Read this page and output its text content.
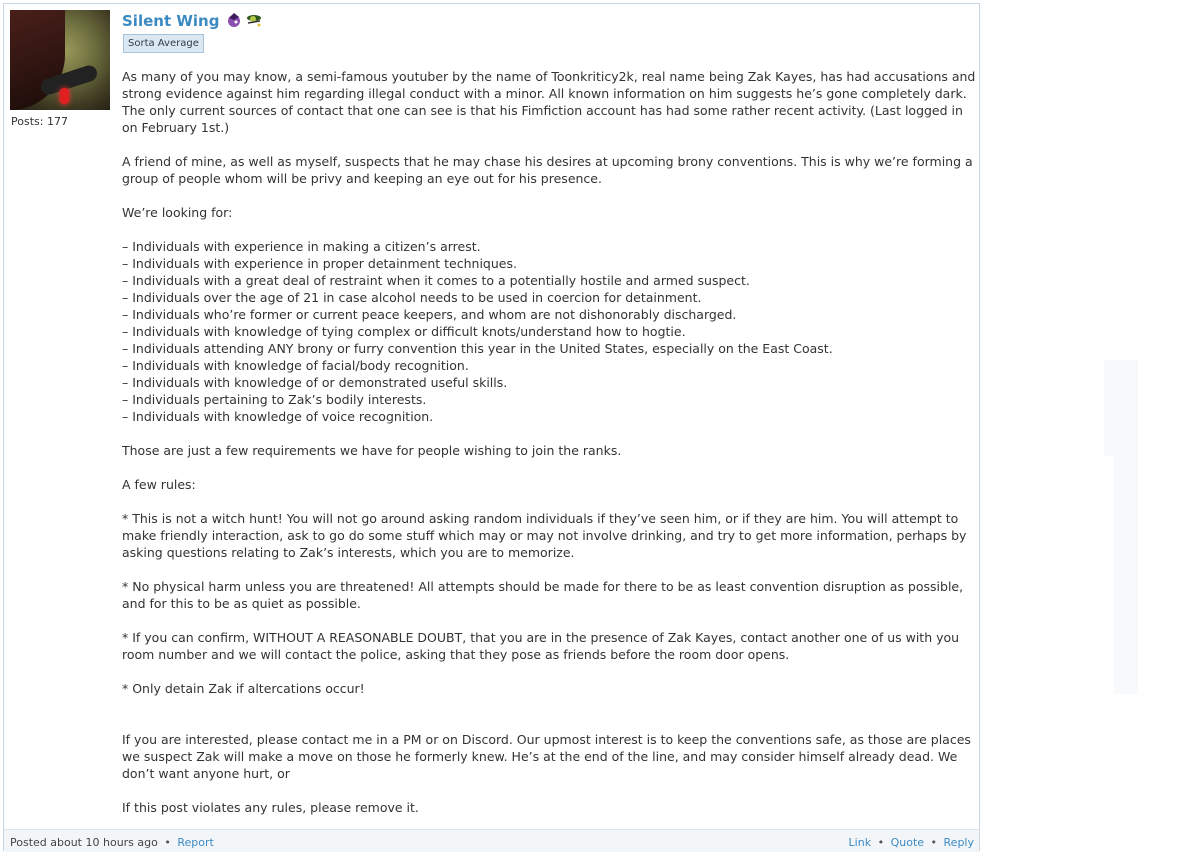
Posts: 177
Silent Wing
Sorta Average

As many of you may know, a semi-famous youtuber by the name of Toonkriticy2k, real name being Zak Kayes, has had accusations and strong evidence against him regarding illegal conduct with a minor. All known information on him suggests he’s gone completely dark. The only current sources of contact that one can see is that his Fimfiction account has had some rather recent activity. (Last logged in on February 1st.)

A friend of mine, as well as myself, suspects that he may chase his desires at upcoming brony conventions. This is why we’re forming a group of people whom will be privy and keeping an eye out for his presence.

We’re looking for:

– Individuals with experience in making a citizen’s arrest.
– Individuals with experience in proper detainment techniques.
– Individuals with a great deal of restraint when it comes to a potentially hostile and armed suspect.
– Individuals over the age of 21 in case alcohol needs to be used in coercion for detainment.
– Individuals who’re former or current peace keepers, and whom are not dishonorably discharged.
– Individuals with knowledge of tying complex or difficult knots/understand how to hogtie.
– Individuals attending ANY brony or furry convention this year in the United States, especially on the East Coast.
– Individuals with knowledge of facial/body recognition.
– Individuals with knowledge of or demonstrated useful skills.
– Individuals pertaining to Zak’s bodily interests.
– Individuals with knowledge of voice recognition.

Those are just a few requirements we have for people wishing to join the ranks.

A few rules:

* This is not a witch hunt! You will not go around asking random individuals if they’ve seen him, or if they are him. You will attempt to make friendly interaction, ask to go do some stuff which may or may not involve drinking, and try to get more information, perhaps by asking questions relating to Zak’s interests, which you are to memorize.

* No physical harm unless you are threatened! All attempts should be made for there to be as least convention disruption as possible, and for this to be as quiet as possible.

* If you can confirm, WITHOUT A REASONABLE DOUBT, that you are in the presence of Zak Kayes, contact another one of us with you room number and we will contact the police, asking that they pose as friends before the room door opens.

* Only detain Zak if altercations occur!

If you are interested, please contact me in a PM or on Discord. Our upmost interest is to keep the conventions safe, as those are places we suspect Zak will make a move on those he formerly knew. He’s at the end of the line, and may consider himself already dead. We don’t want anyone hurt, or

If this post violates any rules, please remove it.

Posted about 10 hours ago • Report	Link • Quote • Reply
